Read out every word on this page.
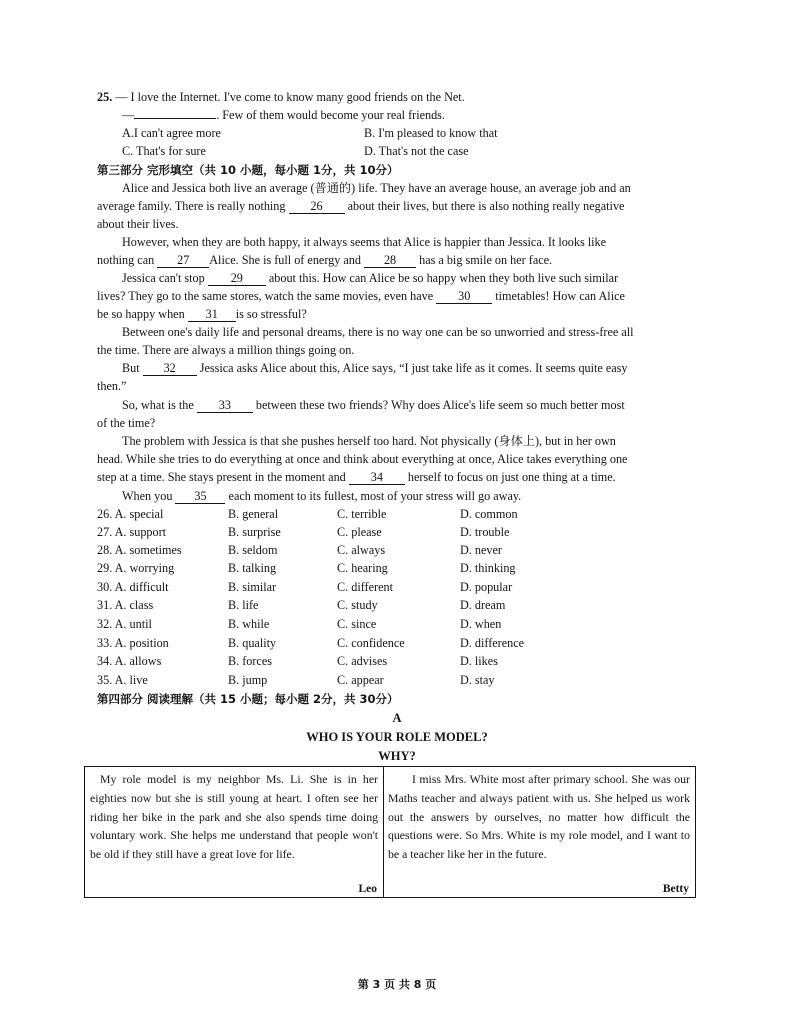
25. — I love the Internet. I've come to know many good friends on the Net.
—	. Few of them would become your real friends.
A.I can't agree more	B. I'm pleased to know that
C. That's for sure	D. That's not the case
第三部分 完形填空（共 10 小题，每小题 1分，共 10分）
Alice and Jessica both live an average (普通的) life. They have an average house, an average job and an
average family. There is really nothing 26 about their lives, but there is also nothing really negative
about their lives.
However, when they are both happy, it always seems that Alice is happier than Jessica. It looks like
nothing can 27 Alice. She is full of energy and 28 has a big smile on her face.
Jessica can't stop 29 about this. How can Alice be so happy when they both live such similar
lives? They go to the same stores, watch the same movies, even have 30 timetables! How can Alice
be so happy when 31 is so stressful?
Between one's daily life and personal dreams, there is no way one can be so unworried and stress-free all
the time. There are always a million things going on.
But 32 Jessica asks Alice about this, Alice says, “I just take life as it comes. It seems quite easy
then.”
So, what is the 33 between these two friends? Why does Alice's life seem so much better most
of the time?
The problem with Jessica is that she pushes herself too hard. Not physically (身体上), but in her own
head. While she tries to do everything at once and think about everything at once, Alice takes everything one
step at a time. She stays present in the moment and 34 herself to focus on just one thing at a time.
When you 35 each moment to its fullest, most of your stress will go away.
26. A. special	B. general	C. terrible	D. common
27. A. support	B. surprise	C. please	D. trouble
28. A. sometimes	B. seldom	C. always	D. never
29. A. worrying	B. talking	C. hearing	D. thinking
30. A. difficult	B. similar	C. different	D. popular
31. A. class	B. life	C. study	D. dream
32. A. until	B. while	C. since	D. when
33. A. position	B. quality	C. confidence	D. difference
34. A. allows	B. forces	C. advises	D. likes
35. A. live	B. jump	C. appear	D. stay
第四部分 阅读理解（共 15 小题；每小题 2分，共 30分）
A
WHO IS YOUR ROLE MODEL?
WHY?
My role model is my neighbor Ms. Li. She is in her eighties now but she is still young at heart. I often see her riding her bike in the park and she also spends time doing voluntary work. She helps me understand that people won't be old if they still have a great love for life.
Leo
I miss Mrs. White most after primary school. She was our Maths teacher and always patient with us. She helped us work out the answers by ourselves, no matter how difficult the questions were. So Mrs. White is my role model, and I want to be a teacher like her in the future.
Betty
第 3 页 共 8 页
